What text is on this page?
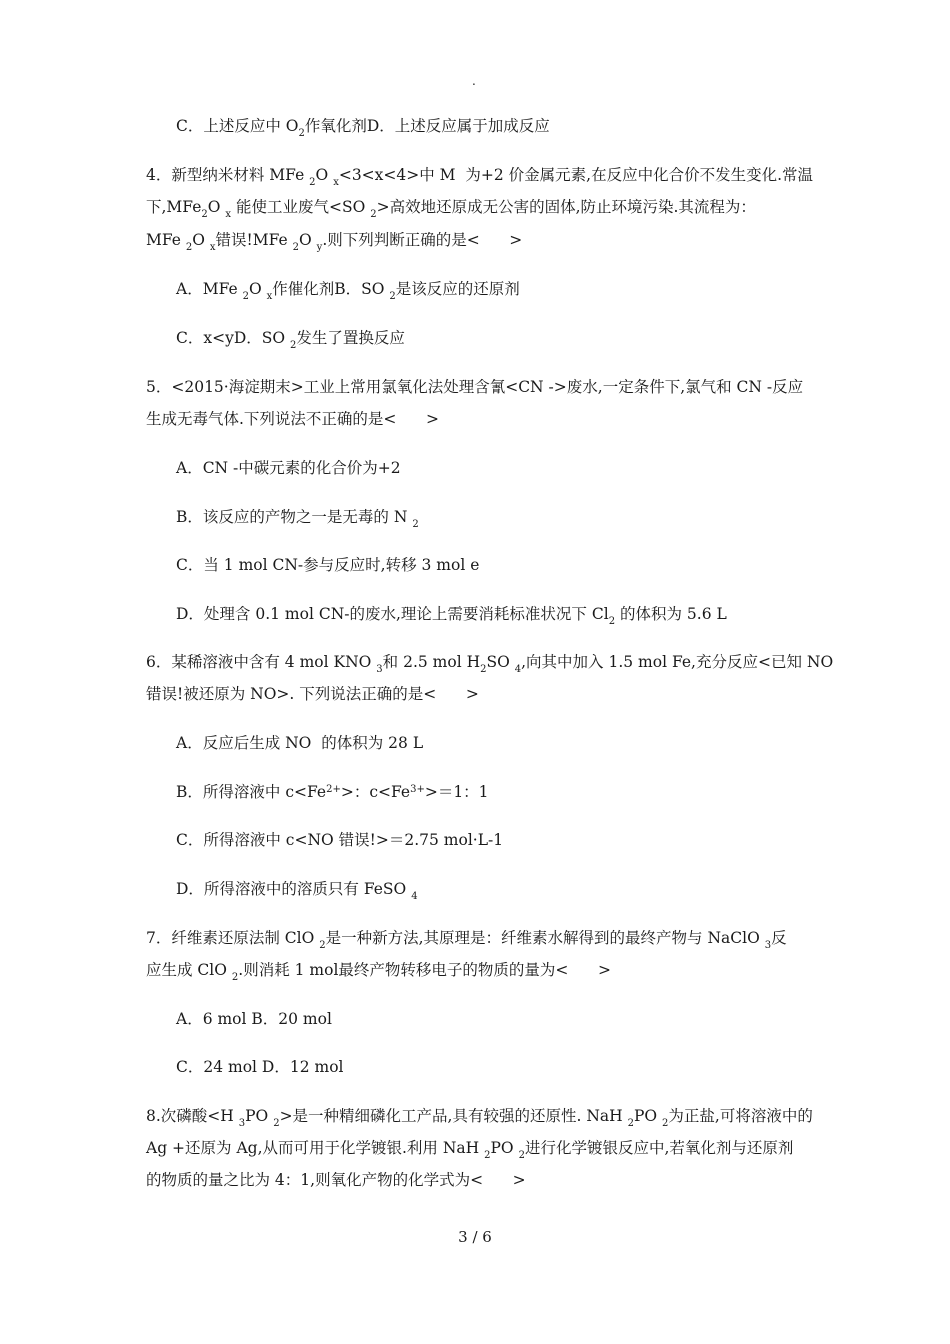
.
C．上述反应中 $O_2$作氧化剂D．上述反应属于加成反应
4．新型纳米材料 MFe $_2$O $_x$<3<x<4>中 M  为+2 价金属元素,在反应中化合价不发生变化.常温
下,MFe$_2$O $_x$ 能使工业废气<SO $_2$>高效地还原成无公害的固体,防止环境污染.其流程为：
MFe $_2$O $_x$错误!MFe $_2$O $_y$.则下列判断正确的是<      >
A．MFe $_2$O $_x$作催化剂B．SO $_2$是该反应的还原剂
C．x<yD．SO $_2$发生了置换反应
5．<2015·海淀期末>工业上常用氯氧化法处理含氰<CN ->废水,一定条件下,氯气和 CN -反应
生成无毒气体.下列说法不正确的是<      >
A．CN -中碳元素的化合价为+2
B．该反应的产物之一是无毒的 N $_2$
C．当 1 mol CN-参与反应时,转移 3 mol e
D．处理含 0.1 mol CN-的废水,理论上需要消耗标准状况下 $Cl_2$ 的体积为 5.6 L
6．某稀溶液中含有 4 mol KNO $_3$和 2.5 mol $H_2SO$ $_4$,向其中加入 1.5 mol Fe,充分反应<已知 NO
错误!被还原为 NO>. 下列说法正确的是<      >
A．反应后生成 NO  的体积为 28 L
B．所得溶液中 $c<Fe^{2+}>$：$c<Fe^{3+}>=1$：1
C．所得溶液中 c<NO 错误!>＝2.75 mol·L-1
D．所得溶液中的溶质只有 FeSO $_4$
7．纤维素还原法制 ClO $_2$是一种新方法,其原理是：纤维素水解得到的最终产物与 NaClO $_3$反
应生成 ClO $_2$.则消耗 1 mol最终产物转移电子的物质的量为<      >
A．6 mol B．20 mol
C．24 mol D．12 mol
8.次磷酸<H $_3$PO $_2$>是一种精细磷化工产品,具有较强的还原性. NaH $_2$PO $_2$为正盐,可将溶液中的
Ag +还原为 Ag,从而可用于化学镀银.利用 NaH $_2$PO $_2$进行化学镀银反应中,若氧化剂与还原剂
的物质的量之比为 4：1,则氧化产物的化学式为<      >
3 / 6
